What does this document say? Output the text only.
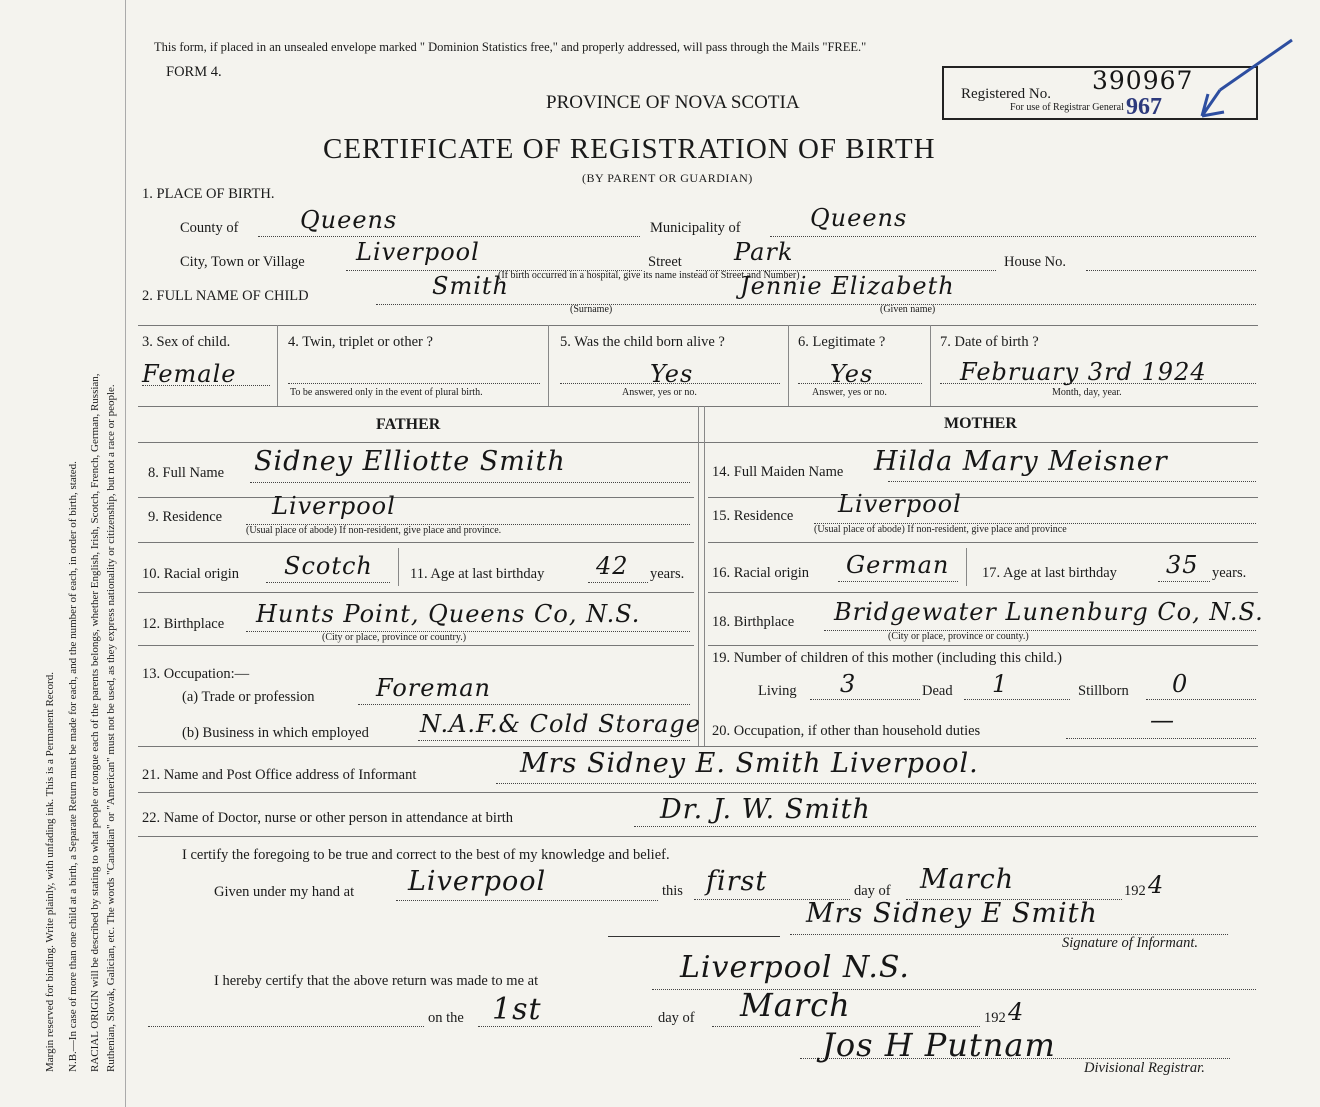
Margin reserved for binding. Write plainly, with unfading ink. This is a Permanent Record. N.B.—In case of more than one child at a birth, a Separate Return must be made for each, and the number of each, in order of birth, stated. RACIAL ORIGIN will be described by stating to what people or tongue each of the parents belongs, whether English, Irish, Scotch, French, German, Russian, Ruthenian, Slovak, Galician, etc. The words "Canadian" or "American" must not be used, as they express nationality or citizenship, but not a race or people.
This form, if placed in an unsealed envelope marked " Dominion Statistics free," and properly addressed, will pass through the Mails "FREE."
FORM 4.
PROVINCE OF NOVA SCOTIA
CERTIFICATE OF REGISTRATION OF BIRTH
(BY PARENT OR GUARDIAN)
Registered No. 390967
For use of Registrar General 967
1. PLACE OF BIRTH.
County of	Queens	Municipality of	Queens
City, Town or Village Liverpool	Street Park	House No.
(If birth occurred in a hospital, give its name instead of Street and Number)
2. FULL NAME OF CHILD	Smith
(Surname)
Jennie Elizabeth
(Given name)
3. Sex of child.
Female
4. Twin, triplet or other ?
To be answered only in the event of plural birth.
5. Was the child born alive ?
Yes
Answer, yes or no.
6. Legitimate ?
Yes
Answer, yes or no.
7. Date of birth ?
February 3rd 1924
Month, day, year.
FATHER	MOTHER
8. Full Name Sidney Elliotte Smith
9. Residence Liverpool
(Usual place of abode) If non-resident, give place and province.
10. Racial origin Scotch	11. Age at last birthday 42 years.
12. Birthplace Hunts Point, Queens Co, N.S.
(City or place, province or country.)
13. Occupation:—
(a) Trade or profession	Foreman
(b) Business in which employed N.A.F.& Cold Storage
14. Full Maiden Name Hilda Mary Meisner
15. Residence Liverpool
(Usual place of abode) If non-resident, give place and province
16. Racial origin German 17. Age at last birthday 35 years.
18. Birthplace Bridgewater Lunenburg Co, N.S.
(City or place, province or county.)
19. Number of children of this mother (including this child.)
Living 3	Dead 1	Stillborn 0
20. Occupation, if other than household duties	—
21. Name and Post Office address of Informant	Mrs Sidney E. Smith Liverpool.
22. Name of Doctor, nurse or other person in attendance at birth	Dr. J. W. Smith
I certify the foregoing to be true and correct to the best of my knowledge and belief.
Given under my hand at Liverpool	this first	day of March	192 4
Mrs Sidney E Smith
Signature of Informant.
I hereby certify that the above return was made to me at	Liverpool N.S.
on the 1st	day of March	192 4
Jos H Putnam
Divisional Registrar.
